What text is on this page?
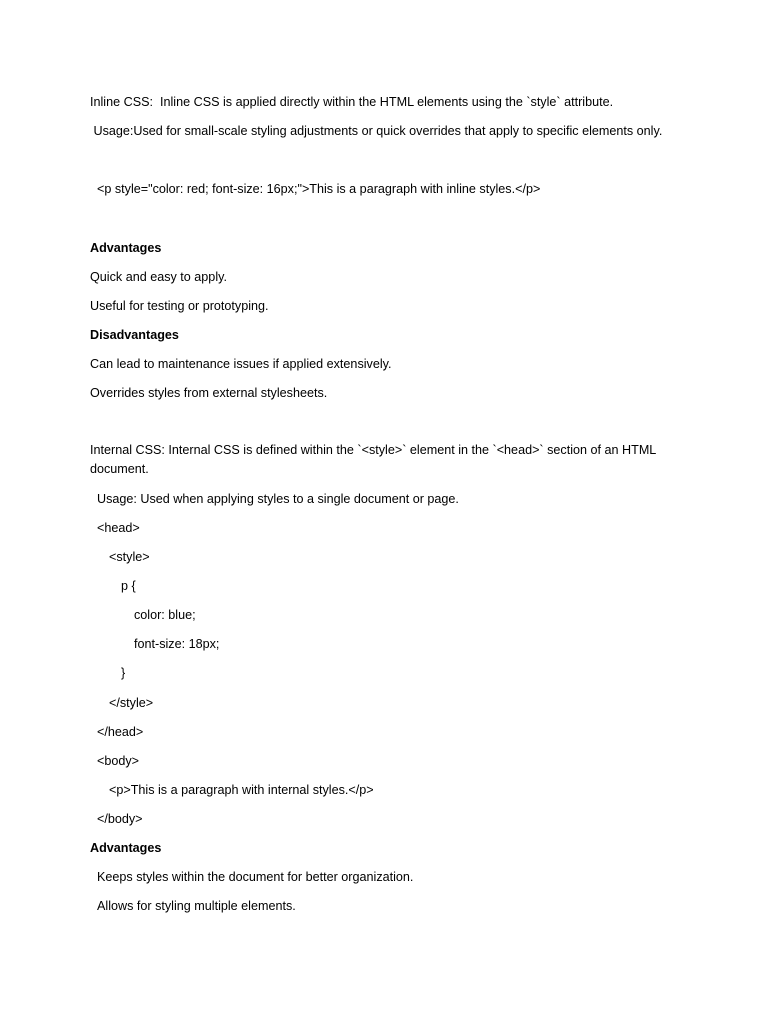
Inline CSS:  Inline CSS is applied directly within the HTML elements using the `style` attribute.
Usage:Used for small-scale styling adjustments or quick overrides that apply to specific elements only.
<p style="color: red; font-size: 16px;">This is a paragraph with inline styles.</p>
Advantages
Quick and easy to apply.
Useful for testing or prototyping.
Disadvantages
Can lead to maintenance issues if applied extensively.
Overrides styles from external stylesheets.
Internal CSS: Internal CSS is defined within the `<style>` element in the `<head>` section of an HTML document.
Usage: Used when applying styles to a single document or page.
<head>
<style>
p {
color: blue;
font-size: 18px;
}
</style>
</head>
<body>
<p>This is a paragraph with internal styles.</p>
</body>
Advantages
Keeps styles within the document for better organization.
Allows for styling multiple elements.
